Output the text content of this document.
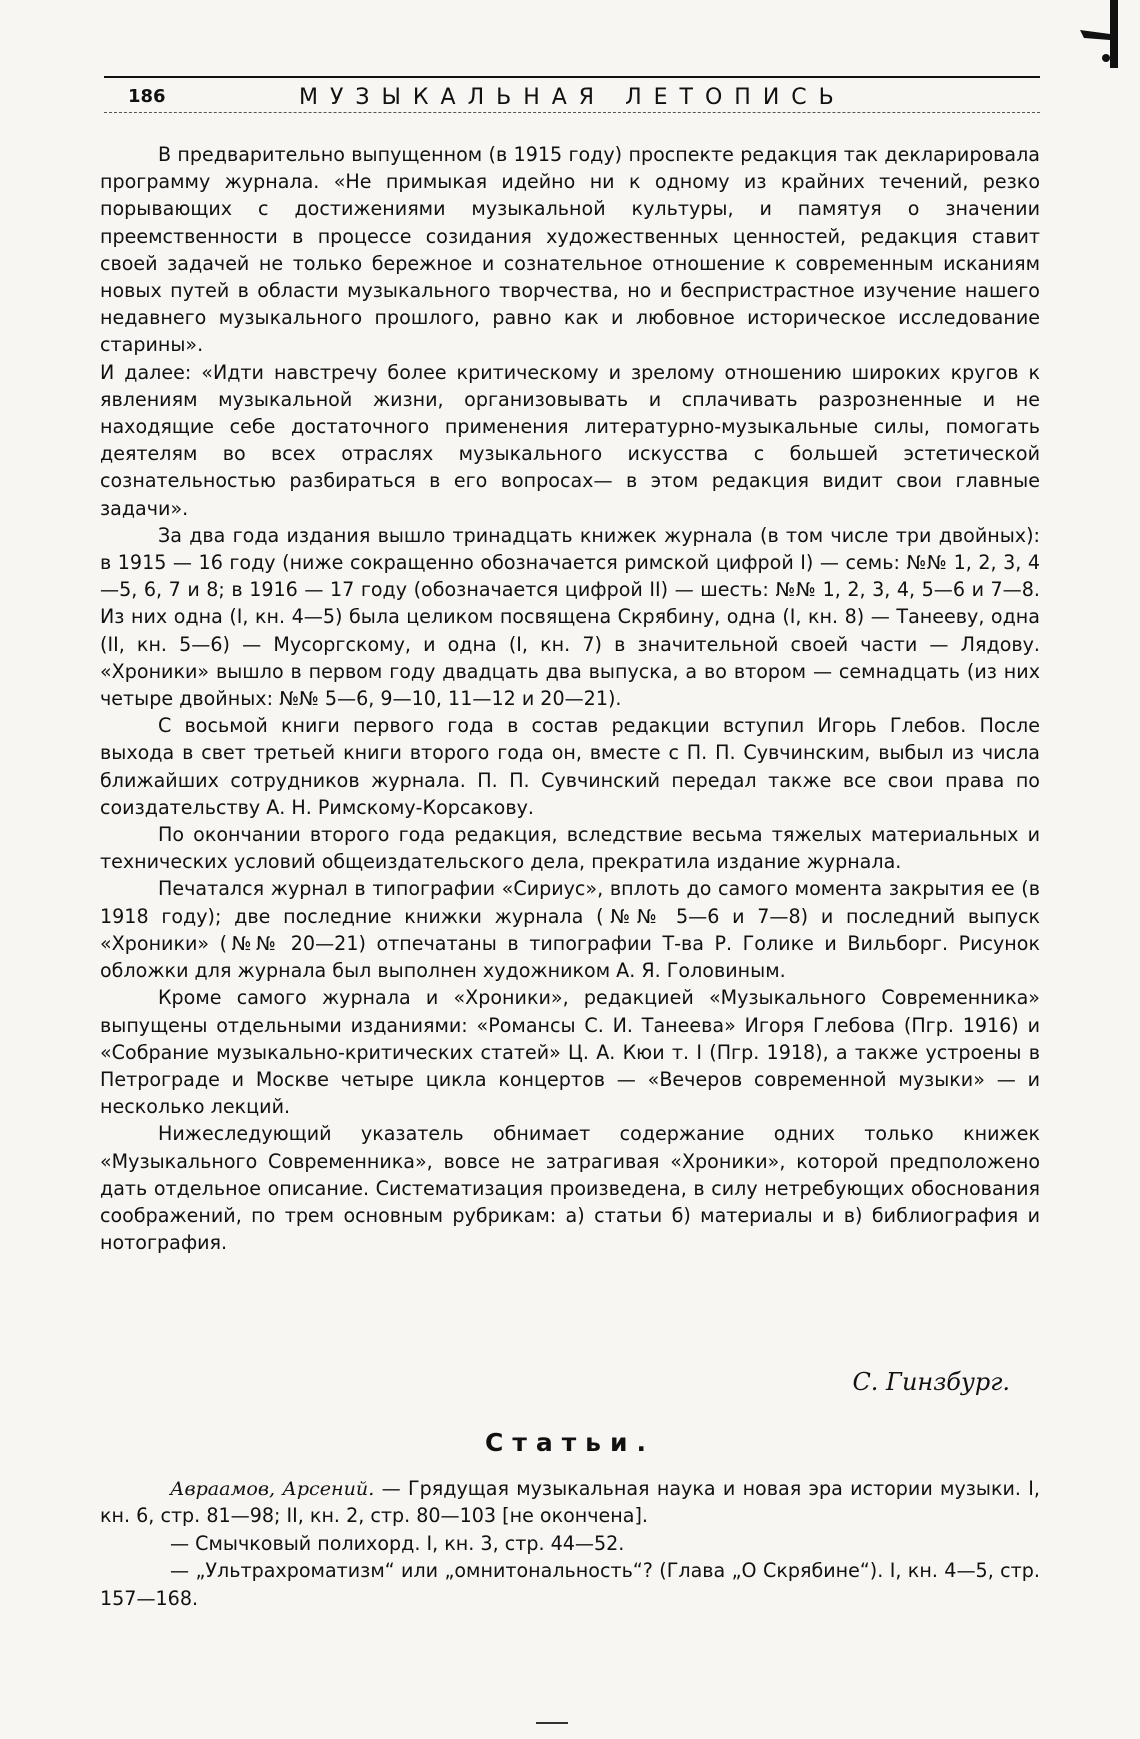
186	МУЗЫКАЛЬНАЯ ЛЕТОПИСЬ

В предварительно выпущенном (в 1915 году) проспекте редакция так декларировала программу журнала. «Не примыкая идейно ни к одному из крайних течений, резко порывающих с достижениями музыкальной культуры, и памятуя о значении преемственности в процессе созидания художественных ценностей, редакция ставит своей задачей не только бережное и сознательное отношение к современным исканиям новых путей в области музыкального творчества, но и беспристрастное изучение нашего недавнего музыкального прошлого, равно как и любовное историческое исследование старины».

И далее: «Идти навстречу более критическому и зрелому отношению широких кругов к явлениям музыкальной жизни, организовывать и сплачивать разрозненные и не находящие себе достаточного применения литературно-музыкальные силы, помогать деятелям во всех отраслях музыкального искусства с большей эстетической сознательностью разбираться в его вопросах— в этом редакция видит свои главные задачи».

За два года издания вышло тринадцать книжек журнала (в том числе три двойных): в 1915 — 16 году (ниже сокращенно обозначается римской цифрой I) — семь: №№ 1, 2, 3, 4—5, 6, 7 и 8; в 1916 — 17 году (обозначается цифрой II) — шесть: №№ 1, 2, 3, 4, 5—6 и 7—8. Из них одна (I, кн. 4—5) была целиком посвящена Скрябину, одна (I, кн. 8) — Танееву, одна (II, кн. 5—6) — Мусоргскому, и одна (I, кн. 7) в значительной своей части — Лядову. «Хроники» вышло в первом году двадцать два выпуска, а во втором — семнадцать (из них четыре двойных: №№ 5—6, 9—10, 11—12 и 20—21).

С восьмой книги первого года в состав редакции вступил Игорь Глебов. После выхода в свет третьей книги второго года он, вместе с П. П. Сувчинским, выбыл из числа ближайших сотрудников журнала. П. П. Сувчинский передал также все свои права по соиздательству А. Н. Римскому-Корсакову.

По окончании второго года редакция, вследствие весьма тяжелых материальных и технических условий общеиздательского дела, прекратила издание журнала.

Печатался журнал в типографии «Сириус», вплоть до самого момента закрытия ее (в 1918 году); две последние книжки журнала (№№ 5—6 и 7—8) и последний выпуск «Хроники» (№№ 20—21) отпечатаны в типографии Т-ва Р. Голике и Вильборг. Рисунок обложки для журнала был выполнен художником А. Я. Головиным.

Кроме самого журнала и «Хроники», редакцией «Музыкального Современника» выпущены отдельными изданиями: «Романсы С. И. Танеева» Игоря Глебова (Пгр. 1916) и «Собрание музыкально-критических статей» Ц. А. Кюи т. I (Пгр. 1918), а также устроены в Петрограде и Москве четыре цикла концертов — «Вечеров современной музыки» — и несколько лекций.

Нижеследующий указатель обнимает содержание одних только книжек «Музыкального Современника», вовсе не затрагивая «Хроники», которой предположено дать отдельное описание. Систематизация произведена, в силу нетребующих обоснования соображений, по трем основным рубрикам: а) статьи б) материалы и в) библиография и нотография.

С. Гинзбург.
Статьи.

Авраамов, Арсений. — Грядущая музыкальная наука и новая эра истории музыки. I, кн. 6, стр. 81—98; II, кн. 2, стр. 80—103 [не окончена].

— Смычковый полихорд. I, кн. 3, стр. 44—52.

— „Ультрахроматизм“ или „омнитональность“? (Глава „О Скрябине“). I, кн. 4—5, стр. 157—168.
